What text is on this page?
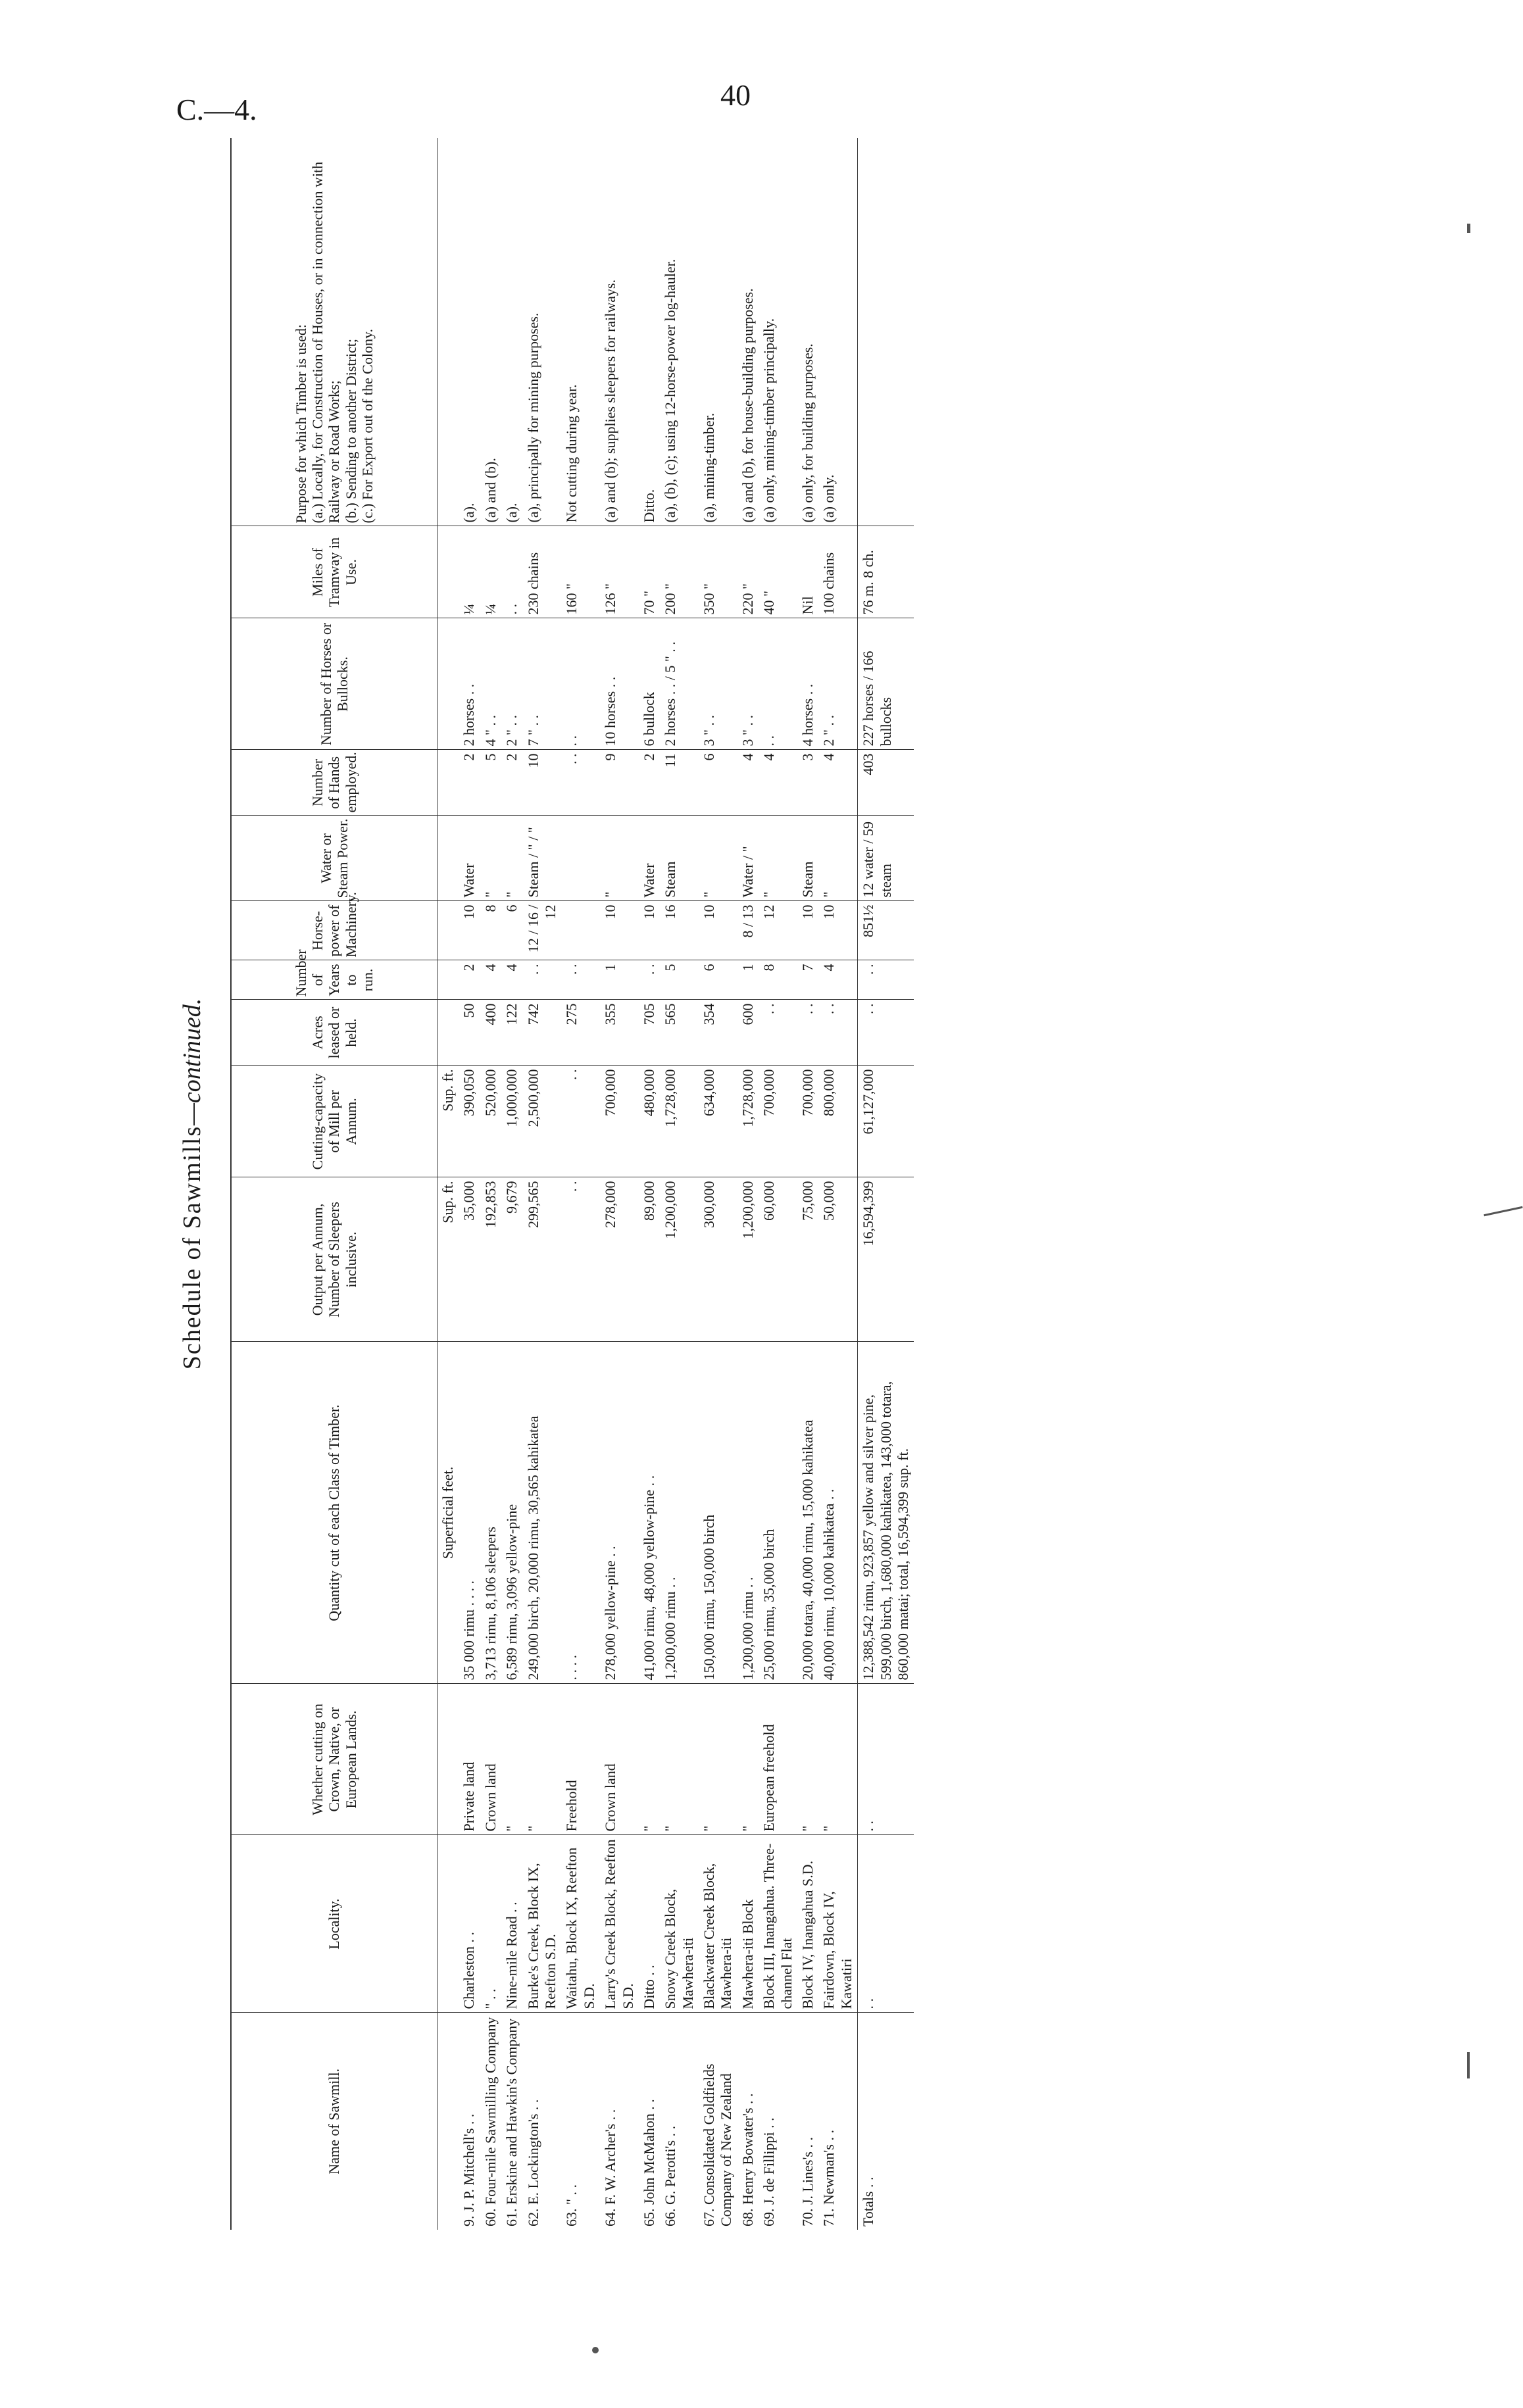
C.—4.	40
Schedule of Sawmills—continued.
Name of Sawmill.	Locality.	Whether cutting on Crown, Native, or European Lands.	Quantity cut of each Class of Timber.	Output per Annum, Number of Sleepers inclusive.	Cutting-capacity of Mill per Annum.	Acres leased or held.	Number of Years to run.	Horse-power of Machinery.	Water or Steam Power.	Number of Hands employed.	Number of Horses or Bullocks.	Miles of Tramway in Use.	Purpose for which Timber is used:
(a.) Locally, for Construction of Houses, or in connection with Railway or Road Works;
(b.) Sending to another District;
(c.) For Export out of the Colony.
			Superficial feet.	Sup. ft.	Sup. ft.								
9. J. P. Mitchell's . .	Charleston . .	Private land	35 000 rimu . . . .	35,000	390,050	50	2	10	Water	2	2 horses . .	¼	(a).
60. Four-mile Sawmilling Company	" . .	Crown land	3,713 rimu, 8,106 sleepers	192,853	520,000	400	4	8	"	5	4 " . .	¼	(a) and (b).
61. Erskine and Hawkin's Company	Nine-mile Road . .	"	6,589 rimu, 3,096 yellow-pine	9,679	1,000,000	122	4	6	"	2	2 " . .	. .	(a).
62. E. Lockington's . .	Burke's Creek, Block IX, Reefton S.D.	"	249,000 birch, 20,000 rimu, 30,565 kahikatea	299,565	2,500,000	742	. .	12 / 16 / 12	Steam / " / "	10	7 " . .	230 chains	(a), principally for mining purposes.
63. " . .	Waitahu, Block IX, Reefton S.D.	Freehold	. . . .	. .	. .	275	. .			. .	. .	160 "	Not cutting during year.
64. F. W. Archer's . .	Larry's Creek Block, Reefton S.D.	Crown land	278,000 yellow-pine . .	278,000	700,000	355	1	10	"	9	10 horses . .	126 "	(a) and (b); supplies sleepers for railways.
65. John McMahon . .	Ditto . .	"	41,000 rimu, 48,000 yellow-pine . .	89,000	480,000	705	. .	10	Water	2	6 bullock	70 "	Ditto.
66. G. Perotti's . .	Snowy Creek Block, Mawhera-iti	"	1,200,000 rimu . .	1,200,000	1,728,000	565	5	16	Steam	11	2 horses . . / 5 " . .	200 "	(a), (b), (c); using 12-horse-power log-hauler.
67. Consolidated Goldfields Company of New Zealand	Blackwater Creek Block, Mawhera-iti	"	150,000 rimu, 150,000 birch	300,000	634,000	354	6	10	"	6	3 " . .	350 "	(a), mining-timber.
68. Henry Bowater's . .	Mawhera-iti Block	"	1,200,000 rimu . .	1,200,000	1,728,000	600	1	8 / 13	Water / "	4	3 " . .	220 "	(a) and (b), for house-building purposes.
69. J. de Fillippi . .	Block III, Inangahua. Three-channel Flat	European freehold	25,000 rimu, 35,000 birch	60,000	700,000	. .	8	12	"	4	. .	40 "	(a) only, mining-timber principally.
70. J. Lines's . .	Block IV, Inangahua S.D.	"	20,000 totara, 40,000 rimu, 15,000 kahikatea	75,000	700,000	. .	7	10	Steam	3	4 horses . .	Nil	(a) only, for building purposes.
71. Newman's . .	Fairdown, Block IV, Kawatiri	"	40,000 rimu, 10,000 kahikatea . .	50,000	800,000	. .	4	10	"	4	2 " . .	100 chains	(a) only.
Totals . .	. .	. .	12,388,542 rimu, 923,857 yellow and silver pine, 599,000 birch, 1,680,000 kahikatea, 143,000 totara, 860,000 matai; total, 16,594,399 sup. ft.	16,594,399	61,127,000	. .	. .	851½	12 water / 59 steam	403	227 horses / 166 bullocks	76 m. 8 ch.	
